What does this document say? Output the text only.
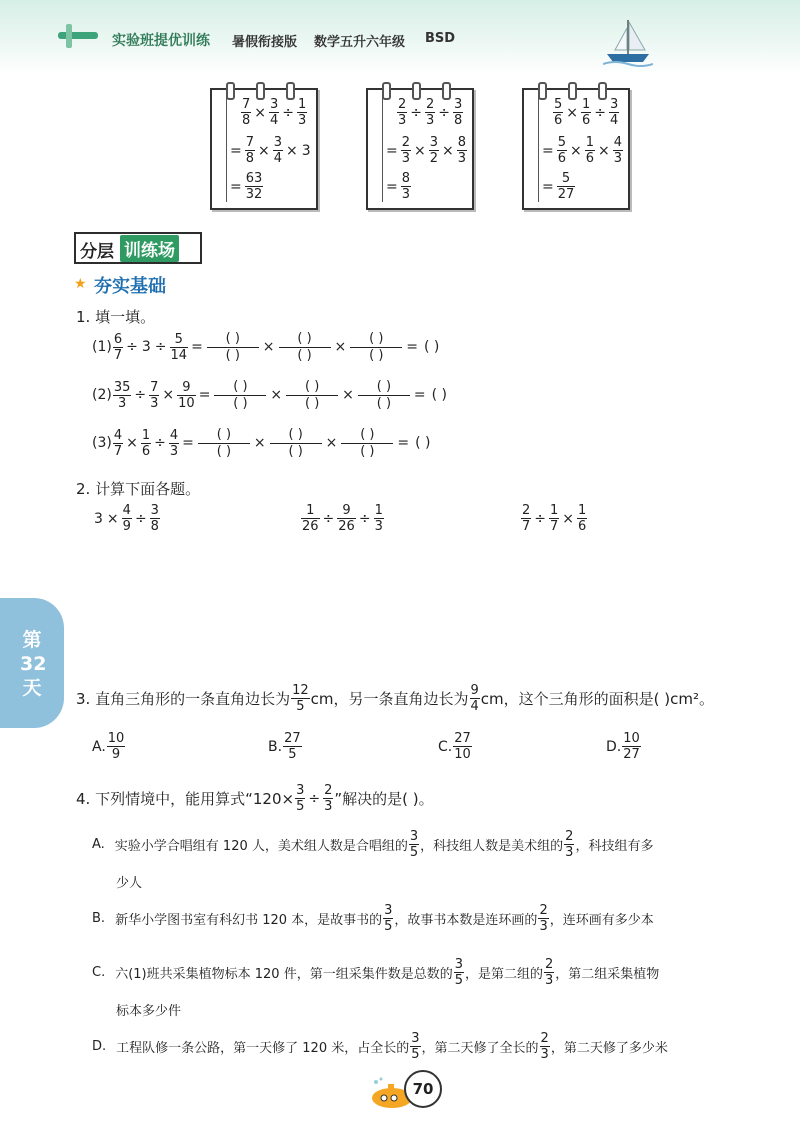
实验班提优训练 暑假衔接版 数学五升六年级 BSD
7
8 × 3
4 ÷ 1
3
= 7
8 × 3
4 × 3
= 63
32
2
3 ÷ 2
3 ÷ 3
8
= 2
3 × 3
2 × 8
3
= 8
3
5
6 × 1
6 ÷ 3
4
= 5
6 × 1
6 × 4
3
= 5
27
分层 训练场
★ 夯实基础
1. 填一填。
(1) 6
7 ÷ 3 ÷ 5
14 =
( )
( ) ×
( )
( ) ×
( )
( ) = ( )
(2) 35
3 ÷ 7
3 × 9
10 =
( )
( ) ×
( )
( ) ×
( )
( ) = ( )
(3) 4
7 × 1
6 ÷ 4
3 =
( )
( ) ×
( )
( ) ×
( )
( ) = ( )
2. 计算下面各题。
3 × 4
9 ÷ 3
8
1
26 ÷ 9
26 ÷ 1
3
2
7 ÷ 1
7 × 1
6
第32天 3. 直角三角形的一条直角边长为 12
5 cm，另一条直角边长为 9
4 cm，这个三角形的面积是( )cm²。
A. 10
9	B. 27
5	C. 27
10	D. 10
27
4. 下列情境中，能用算式“120× 3
5 ÷ 2
3 ”解决的是( )。
A. 实验小学合唱组有 120 人，美术组人数是合唱组的
3
5 ，科技组人数是美术组的
2
3 ，科技组有多
少人
B. 新华小学图书室有科幻书 120 本，是故事书的
3
5 ，故事书本数是连环画的
2
3 ，连环画有多少本
C. 六(1)班共采集植物标本 120 件，第一组采集件数是总数的
3
5 ，是第二组的
2
3 ，第二组采集植物
标本多少件
D. 工程队修一条公路，第一天修了 120 米，占全长的
3
5 ，第二天修了全长的
2
3 ，第二天修了多少米
70
